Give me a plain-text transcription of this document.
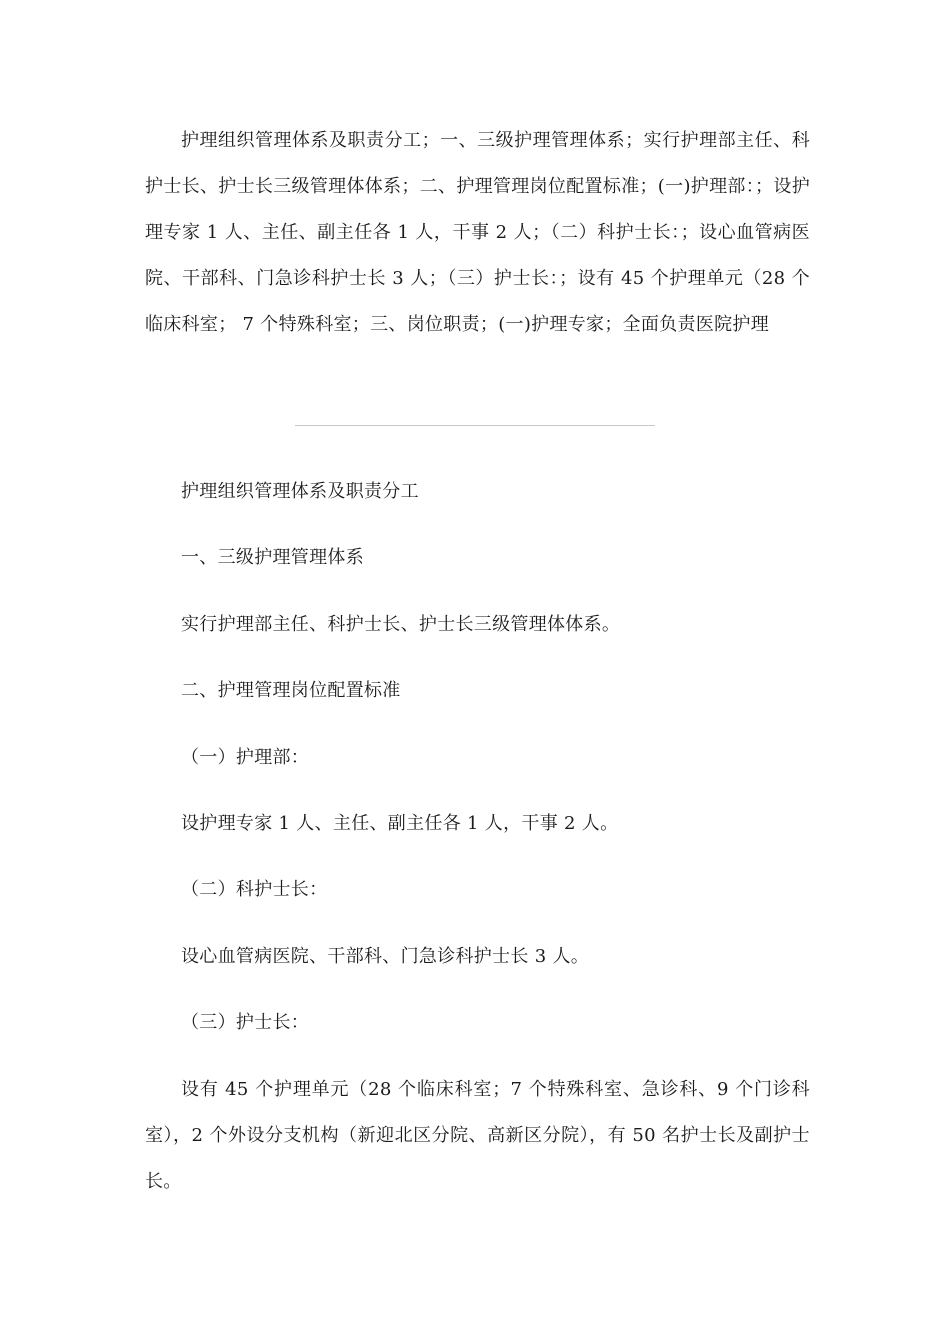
护理组织管理体系及职责分工；一、三级护理管理体系；实行护理部主任、科护士长、护士长三级管理体体系；二、护理管理岗位配置标准；(一)护理部：；设护理专家 1 人、主任、副主任各 1 人，干事 2 人；（二）科护士长：；设心血管病医院、干部科、门急诊科护士长 3 人；（三）护士长：；设有 45 个护理单元（28 个临床科室； 7 个特殊科室；三、岗位职责；(一)护理专家；全面负责医院护理

护理组织管理体系及职责分工

一、三级护理管理体系

实行护理部主任、科护士长、护士长三级管理体体系。

二、护理管理岗位配置标准

（一）护理部：

设护理专家 1 人、主任、副主任各 1 人，干事 2 人。

（二）科护士长：

设心血管病医院、干部科、门急诊科护士长 3 人。

（三）护士长：

设有 45 个护理单元（28 个临床科室；7 个特殊科室、急诊科、9 个门诊科室），2 个外设分支机构（新迎北区分院、高新区分院），有 50 名护士长及副护士长。
